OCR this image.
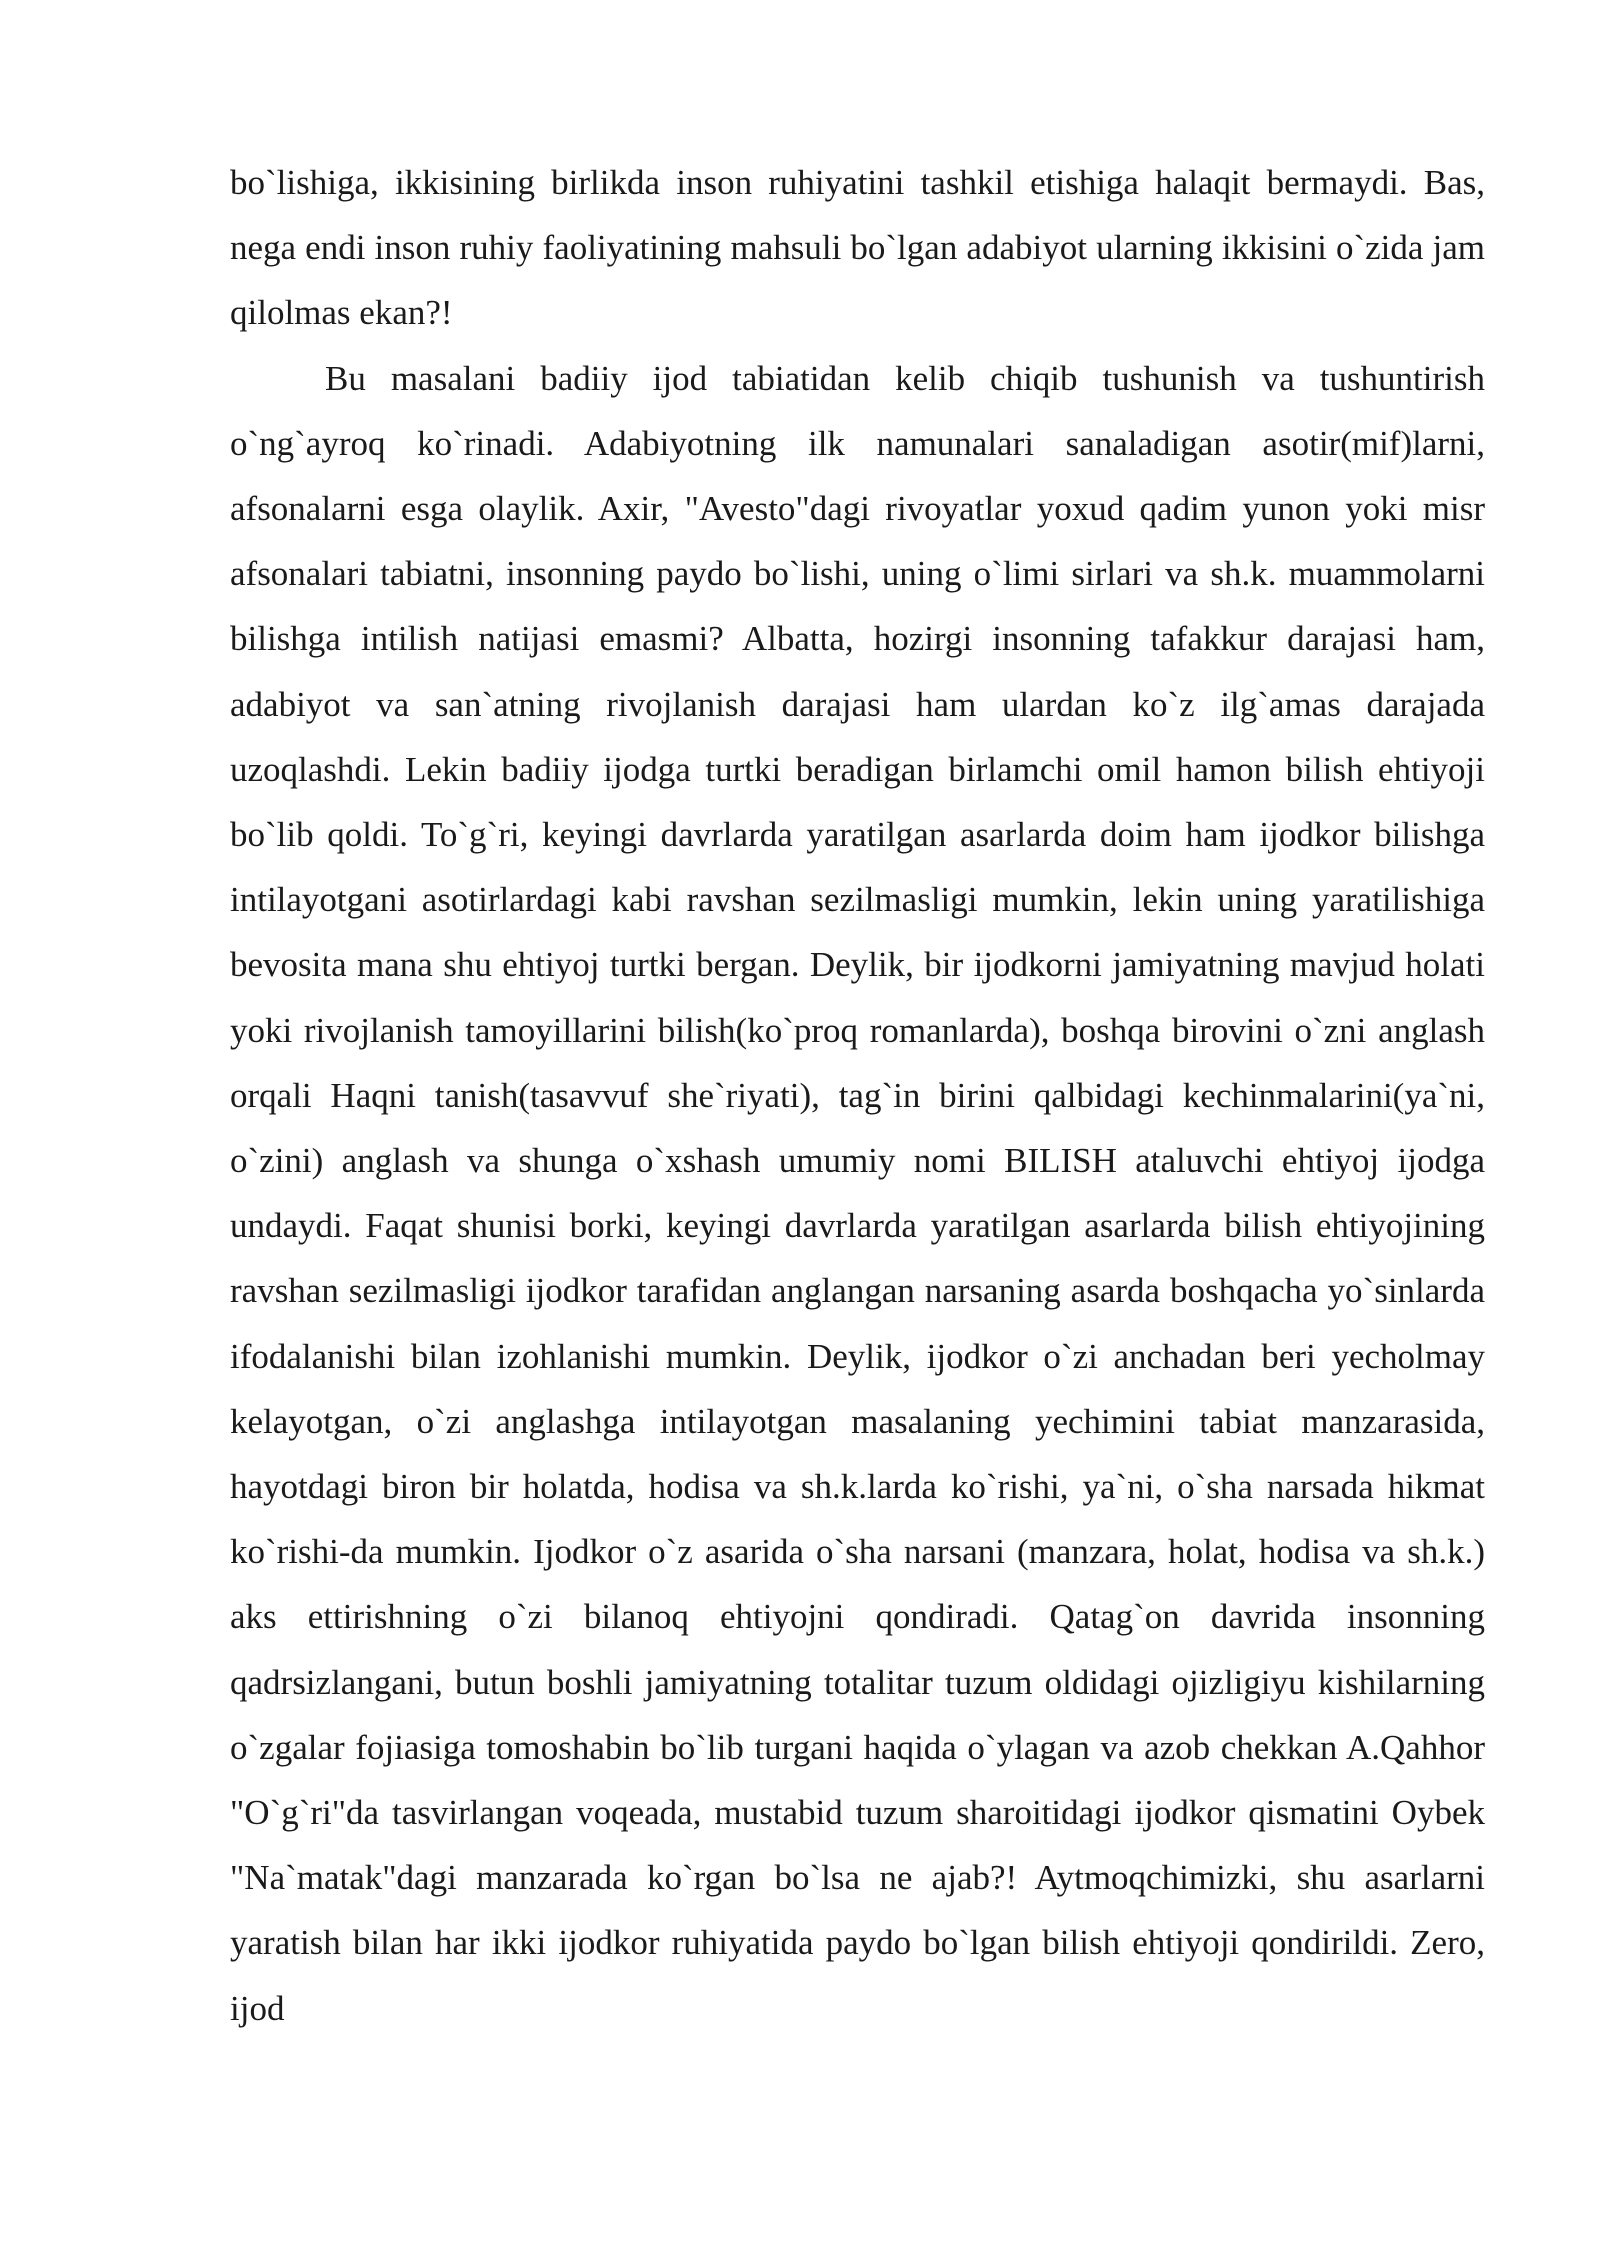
bo`lishiga, ikkisining birlikda inson ruhiyatini tashkil etishiga halaqit bermaydi. Bas, nega endi inson ruhiy faoliyatining mahsuli bo`lgan adabiyot ularning ikkisini o`zida jam qilolmas ekan?!

Bu masalani badiiy ijod tabiatidan kelib chiqib tushunish va tushuntirish o`ng`ayroq ko`rinadi. Adabiyotning ilk namunalari sanaladigan asotir(mif)larni, afsonalarni esga olaylik. Axir, "Avesto"dagi rivoyatlar yoxud qadim yunon yoki misr afsonalari tabiatni, insonning paydo bo`lishi, uning o`limi sirlari va sh.k. muammolarni bilishga intilish natijasi emasmi? Albatta, hozirgi insonning tafakkur darajasi ham, adabiyot va san`atning rivojlanish darajasi ham ulardan ko`z ilg`amas darajada uzoqlashdi. Lekin badiiy ijodga turtki beradigan birlamchi omil hamon bilish ehtiyoji bo`lib qoldi. To`g`ri, keyingi davrlarda yaratilgan asarlarda doim ham ijodkor bilishga intilayotgani asotirlardagi kabi ravshan sezilmasligi mumkin, lekin uning yaratilishiga bevosita mana shu ehtiyoj turtki bergan. Deylik, bir ijodkorni jamiyatning mavjud holati yoki rivojlanish tamoyillarini bilish(ko`proq romanlarda), boshqa birovini o`zni anglash orqali Haqni tanish(tasavvuf she`riyati), tag`in birini qalbidagi kechinmalarini(ya`ni, o`zini) anglash va shunga o`xshash umumiy nomi BILISH ataluvchi ehtiyoj ijodga undaydi. Faqat shunisi borki, keyingi davrlarda yaratilgan asarlarda bilish ehtiyojining ravshan sezilmasligi ijodkor tarafidan anglangan narsaning asarda boshqacha yo`sinlarda ifodalanishi bilan izohlanishi mumkin. Deylik, ijodkor o`zi anchadan beri yecholmay kelayotgan, o`zi anglashga intilayotgan masalaning yechimini tabiat manzarasida, hayotdagi biron bir holatda, hodisa va sh.k.larda ko`rishi, ya`ni, o`sha narsada hikmat ko`rishi-da mumkin. Ijodkor o`z asarida o`sha narsani (manzara, holat, hodisa va sh.k.) aks ettirishning o`zi bilanoq ehtiyojni qondiradi. Qatag`on davrida insonning qadrsizlangani, butun boshli jamiyatning totalitar tuzum oldidagi ojizligiyu kishilarning o`zgalar fojiasiga tomoshabin bo`lib turgani haqida o`ylagan va azob chekkan A.Qahhor "O`g`ri"da tasvirlangan voqeada, mustabid tuzum sharoitidagi ijodkor qismatini Oybek "Na`matak"dagi manzarada ko`rgan bo`lsa ne ajab?! Aytmoqchimizki, shu asarlarni yaratish bilan har ikki ijodkor ruhiyatida paydo bo`lgan bilish ehtiyoji qondirildi. Zero, ijod
